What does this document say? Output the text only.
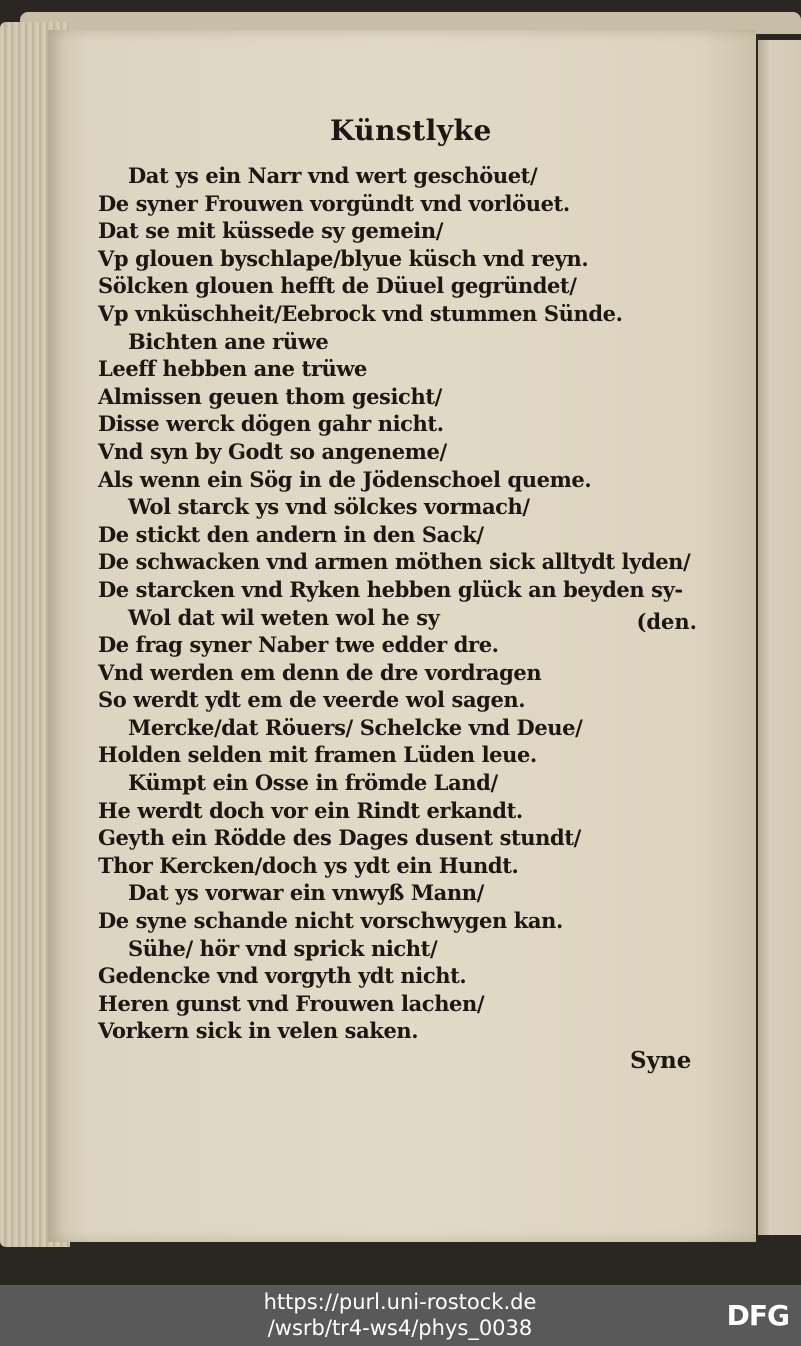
Künstlyke
Dat ys ein Narr vnd wert geschöuet/
De syner Frouwen vorgündt vnd vorlöuet.
Dat se mit küssede sy gemein/
Vp glouen byschlape/blyue küsch vnd reyn.
Sölcken glouen hefft de Düuel gegründet/
Vp vnküschheit/Eebrock vnd stummen Sünde.
Bichten ane rüwe
Leeff hebben ane trüwe
Almissen geuen thom gesicht/
Disse werck dögen gahr nicht.
Vnd syn by Godt so angeneme/
Als wenn ein Sög in de Jödenschoel queme.
Wol starck ys vnd sölckes vormach/
De stickt den andern in den Sack/
De schwacken vnd armen möthen sick alltydt lyden/
De starcken vnd Ryken hebben glück an beyden sy-
Wol dat wil weten wol he sy
De frag syner Naber twe edder dre.
Vnd werden em denn de dre vordragen
So werdt ydt em de veerde wol sagen.
Mercke/dat Röuers/ Schelcke vnd Deue/
Holden selden mit framen Lüden leue.
Kümpt ein Osse in frömde Land/
He werdt doch vor ein Rindt erkandt.
Geyth ein Rödde des Dages dusent stundt/
Thor Kercken/doch ys ydt ein Hundt.
Dat ys vorwar ein vnwyß Mann/
De syne schande nicht vorschwygen kan.
Sühe/ hör vnd sprick nicht/
Gedencke vnd vorgyth ydt nicht.
Heren gunst vnd Frouwen lachen/
Vorkern sick in velen saken.
(den.
Syne
https://purl.uni-rostock.de
/wsrb/tr4-ws4/phys_0038	DFG
